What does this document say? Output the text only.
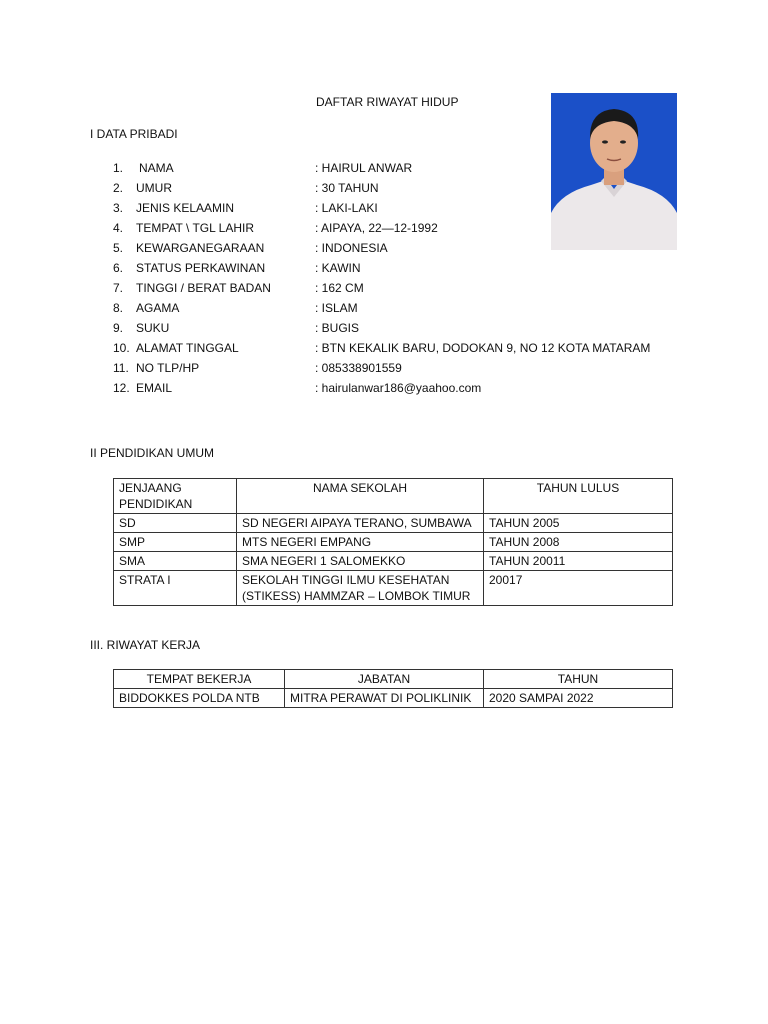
DAFTAR RIWAYAT HIDUP
I DATA PRIBADI
1. NAMA	: HAIRUL ANWAR
2. UMUR	: 30 TAHUN
3. JENIS KELAAMIN	: LAKI-LAKI
4. TEMPAT \ TGL LAHIR	: AIPAYA, 22—12-1992
5. KEWARGANEGARAAN	: INDONESIA
6. STATUS PERKAWINAN	: KAWIN
7. TINGGI / BERAT BADAN	: 162 CM
8. AGAMA	: ISLAM
9. SUKU	: BUGIS
10. ALAMAT TINGGAL	: BTN KEKALIK BARU, DODOKAN 9, NO 12 KOTA MATARAM
11. NO TLP/HP	: 085338901559
12. EMAIL	: hairulanwar186@yaahoo.com
II PENDIDIKAN UMUM
JENJAANG PENDIDIKAN	NAMA SEKOLAH	TAHUN LULUS
SD	SD NEGERI AIPAYA TERANO, SUMBAWA	TAHUN 2005
SMP	MTS NEGERI EMPANG	TAHUN 2008
SMA	SMA NEGERI 1 SALOMEKKO	TAHUN 20011
STRATA I	SEKOLAH TINGGI ILMU KESEHATAN (STIKESS) HAMMZAR – LOMBOK TIMUR	20017
III. RIWAYAT KERJA
TEMPAT BEKERJA	JABATAN	TAHUN
BIDDOKKES POLDA NTB	MITRA PERAWAT DI POLIKLINIK	2020 SAMPAI 2022
